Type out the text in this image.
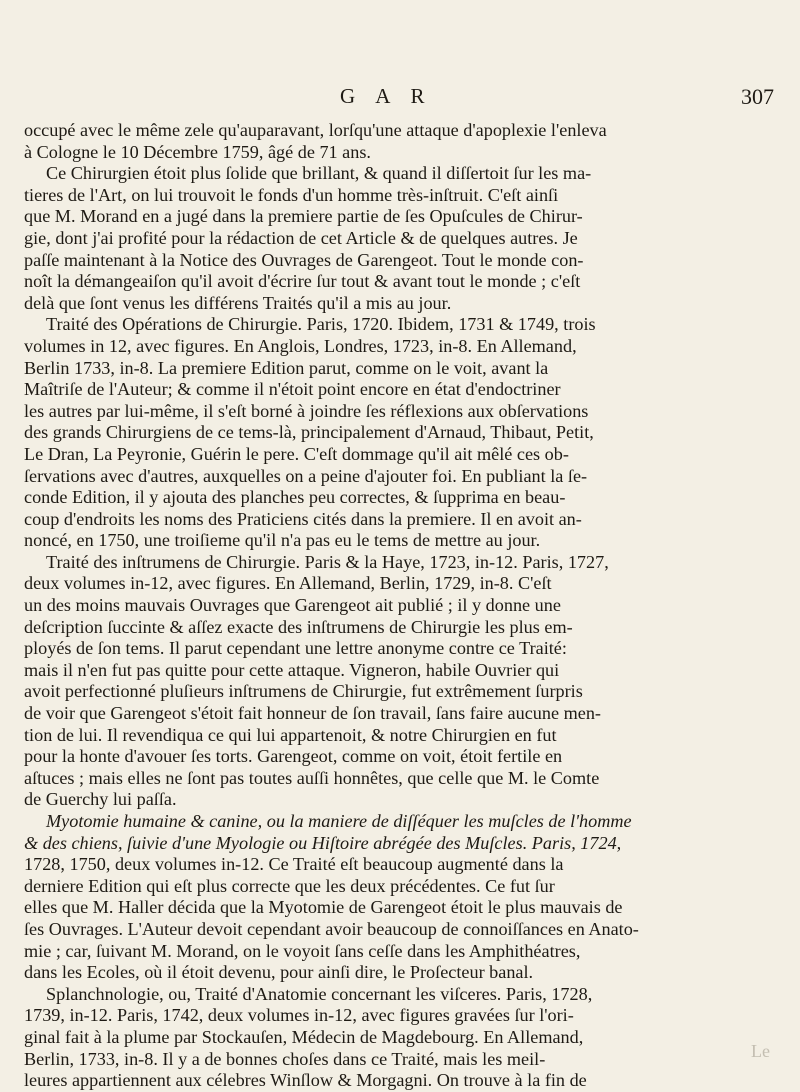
G A R	307
occupé avec le même zele qu'auparavant, lorſqu'une attaque d'apoplexie l'enleva
à Cologne le 10 Décembre 1759, âgé de 71 ans.
Ce Chirurgien étoit plus ſolide que brillant, & quand il diſſertoit ſur les ma-
tieres de l'Art, on lui trouvoit le fonds d'un homme très-inſtruit. C'eſt ainſi
que M. Morand en a jugé dans la premiere partie de ſes Opuſcules de Chirur-
gie, dont j'ai profité pour la rédaction de cet Article & de quelques autres. Je
paſſe maintenant à la Notice des Ouvrages de Garengeot. Tout le monde con-
noît la démangeaiſon qu'il avoit d'écrire ſur tout & avant tout le monde ; c'eſt
delà que ſont venus les différens Traités qu'il a mis au jour.
Traité des Opérations de Chirurgie. Paris, 1720. Ibidem, 1731 & 1749, trois
volumes in 12, avec figures. En Anglois, Londres, 1723, in-8. En Allemand,
Berlin 1733, in-8. La premiere Edition parut, comme on le voit, avant la
Maîtriſe de l'Auteur; & comme il n'étoit point encore en état d'endoctriner
les autres par lui-même, il s'eſt borné à joindre ſes réflexions aux obſervations
des grands Chirurgiens de ce tems-là, principalement d'Arnaud, Thibaut, Petit,
Le Dran, La Peyronie, Guérin le pere. C'eſt dommage qu'il ait mêlé ces ob-
ſervations avec d'autres, auxquelles on a peine d'ajouter foi. En publiant la ſe-
conde Edition, il y ajouta des planches peu correctes, & ſupprima en beau-
coup d'endroits les noms des Praticiens cités dans la premiere. Il en avoit an-
noncé, en 1750, une troiſieme qu'il n'a pas eu le tems de mettre au jour.
Traité des inſtrumens de Chirurgie. Paris & la Haye, 1723, in-12. Paris, 1727,
deux volumes in-12, avec figures. En Allemand, Berlin, 1729, in-8. C'eſt
un des moins mauvais Ouvrages que Garengeot ait publié ; il y donne une
deſcription ſuccinte & aſſez exacte des inſtrumens de Chirurgie les plus em-
ployés de ſon tems. Il parut cependant une lettre anonyme contre ce Traité:
mais il n'en fut pas quitte pour cette attaque. Vigneron, habile Ouvrier qui
avoit perfectionné pluſieurs inſtrumens de Chirurgie, fut extrêmement ſurpris
de voir que Garengeot s'étoit fait honneur de ſon travail, ſans faire aucune men-
tion de lui. Il revendiqua ce qui lui appartenoit, & notre Chirurgien en fut
pour la honte d'avouer ſes torts. Garengeot, comme on voit, étoit fertile en
aſtuces ; mais elles ne ſont pas toutes auſſi honnêtes, que celle que M. le Comte
de Guerchy lui paſſa.
Myotomie humaine & canine, ou la maniere de diſſéquer les muſcles de l'homme
& des chiens, ſuivie d'une Myologie ou Hiſtoire abrégée des Muſcles. Paris, 1724,
1728, 1750, deux volumes in-12. Ce Traité eſt beaucoup augmenté dans la
derniere Edition qui eſt plus correcte que les deux précédentes. Ce fut ſur
elles que M. Haller décida que la Myotomie de Garengeot étoit le plus mauvais de
ſes Ouvrages. L'Auteur devoit cependant avoir beaucoup de connoiſſances en Anato-
mie ; car, ſuivant M. Morand, on le voyoit ſans ceſſe dans les Amphithéatres,
dans les Ecoles, où il étoit devenu, pour ainſi dire, le Proſecteur banal.
Splanchnologie, ou, Traité d'Anatomie concernant les viſceres. Paris, 1728,
1739, in-12. Paris, 1742, deux volumes in-12, avec figures gravées ſur l'ori-
ginal fait à la plume par Stockauſen, Médecin de Magdebourg. En Allemand,
Berlin, 1733, in-8. Il y a de bonnes choſes dans ce Traité, mais les meil-
leures appartiennent aux célebres Winſlow & Morgagni. On trouve à la fin de
Le
